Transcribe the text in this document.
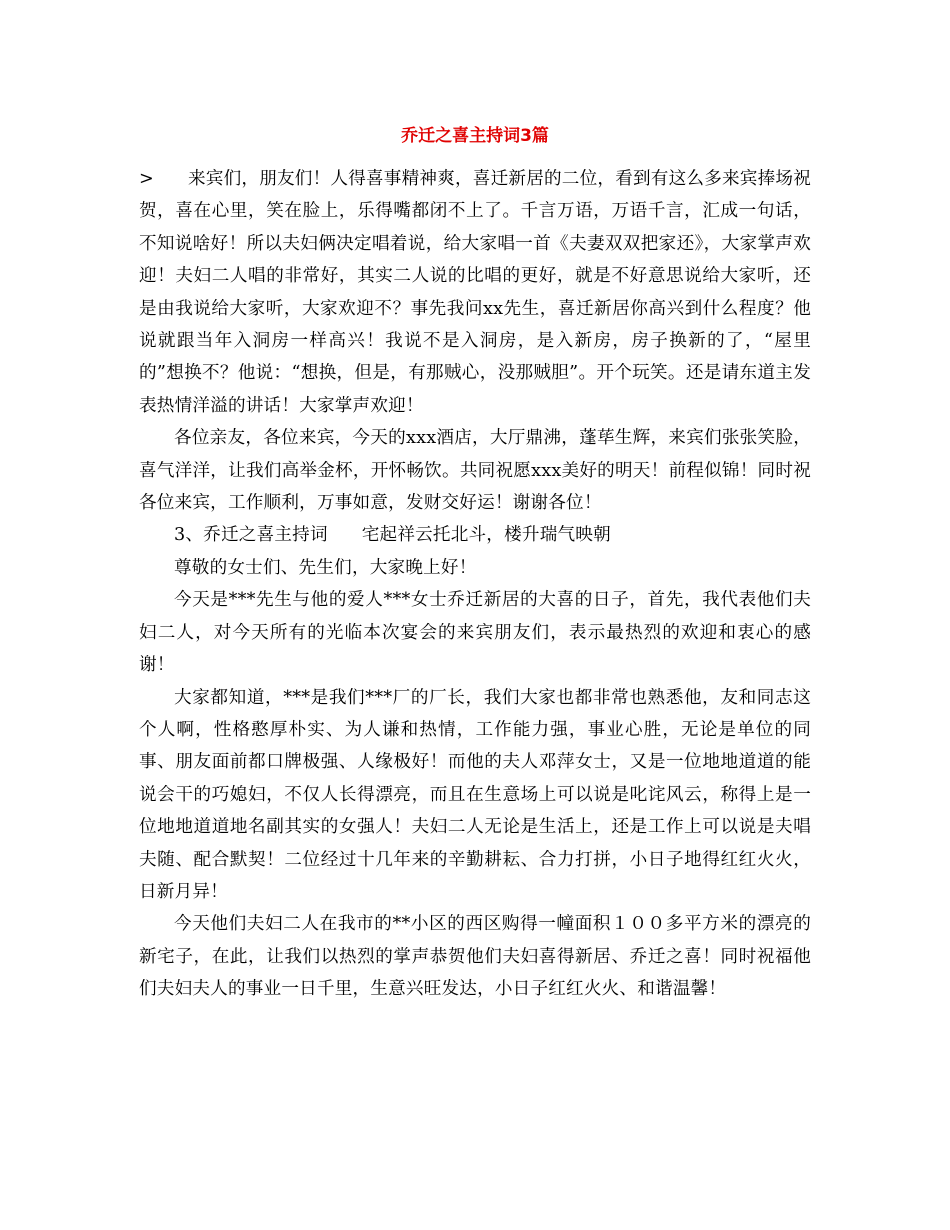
乔迁之喜主持词3篇

> 来宾们，朋友们！人得喜事精神爽，喜迁新居的二位，看到有这么多来宾捧场祝贺，喜在心里，笑在脸上，乐得嘴都闭不上了。千言万语，万语千言，汇成一句话，不知说啥好！所以夫妇俩决定唱着说，给大家唱一首《夫妻双双把家还》，大家掌声欢迎！夫妇二人唱的非常好，其实二人说的比唱的更好，就是不好意思说给大家听，还是由我说给大家听，大家欢迎不？事先我问xx先生，喜迁新居你高兴到什么程度？他说就跟当年入洞房一样高兴！我说不是入洞房，是入新房，房子换新的了，“屋里的”想换不？他说：“想换，但是，有那贼心，没那贼胆”。开个玩笑。还是请东道主发表热情洋溢的讲话！大家掌声欢迎！

各位亲友，各位来宾，今天的xxx酒店，大厅鼎沸，蓬荜生辉，来宾们张张笑脸，喜气洋洋，让我们高举金杯，开怀畅饮。共同祝愿xxx美好的明天！前程似锦！同时祝各位来宾，工作顺利，万事如意，发财交好运！谢谢各位！

3、乔迁之喜主持词 宅起祥云托北斗，楼升瑞气映朝

尊敬的女士们、先生们，大家晚上好！

今天是***先生与他的爱人***女士乔迁新居的大喜的日子，首先，我代表他们夫妇二人，对今天所有的光临本次宴会的来宾朋友们，表示最热烈的欢迎和衷心的感谢！

大家都知道，***是我们***厂的厂长，我们大家也都非常也熟悉他，友和同志这个人啊，性格憨厚朴实、为人谦和热情，工作能力强，事业心胜，无论是单位的同事、朋友面前都口牌极强、人缘极好！而他的夫人邓萍女士，又是一位地地道道的能说会干的巧媳妇，不仅人长得漂亮，而且在生意场上可以说是叱诧风云，称得上是一位地地道道地名副其实的女强人！夫妇二人无论是生活上，还是工作上可以说是夫唱夫随、配合默契！二位经过十几年来的辛勤耕耘、合力打拼，小日子地得红红火火，日新月异！

今天他们夫妇二人在我市的**小区的西区购得一幢面积１００多平方米的漂亮的新宅子，在此，让我们以热烈的掌声恭贺他们夫妇喜得新居、乔迁之喜！同时祝福他们夫妇夫人的事业一日千里，生意兴旺发达，小日子红红火火、和谐温馨！
